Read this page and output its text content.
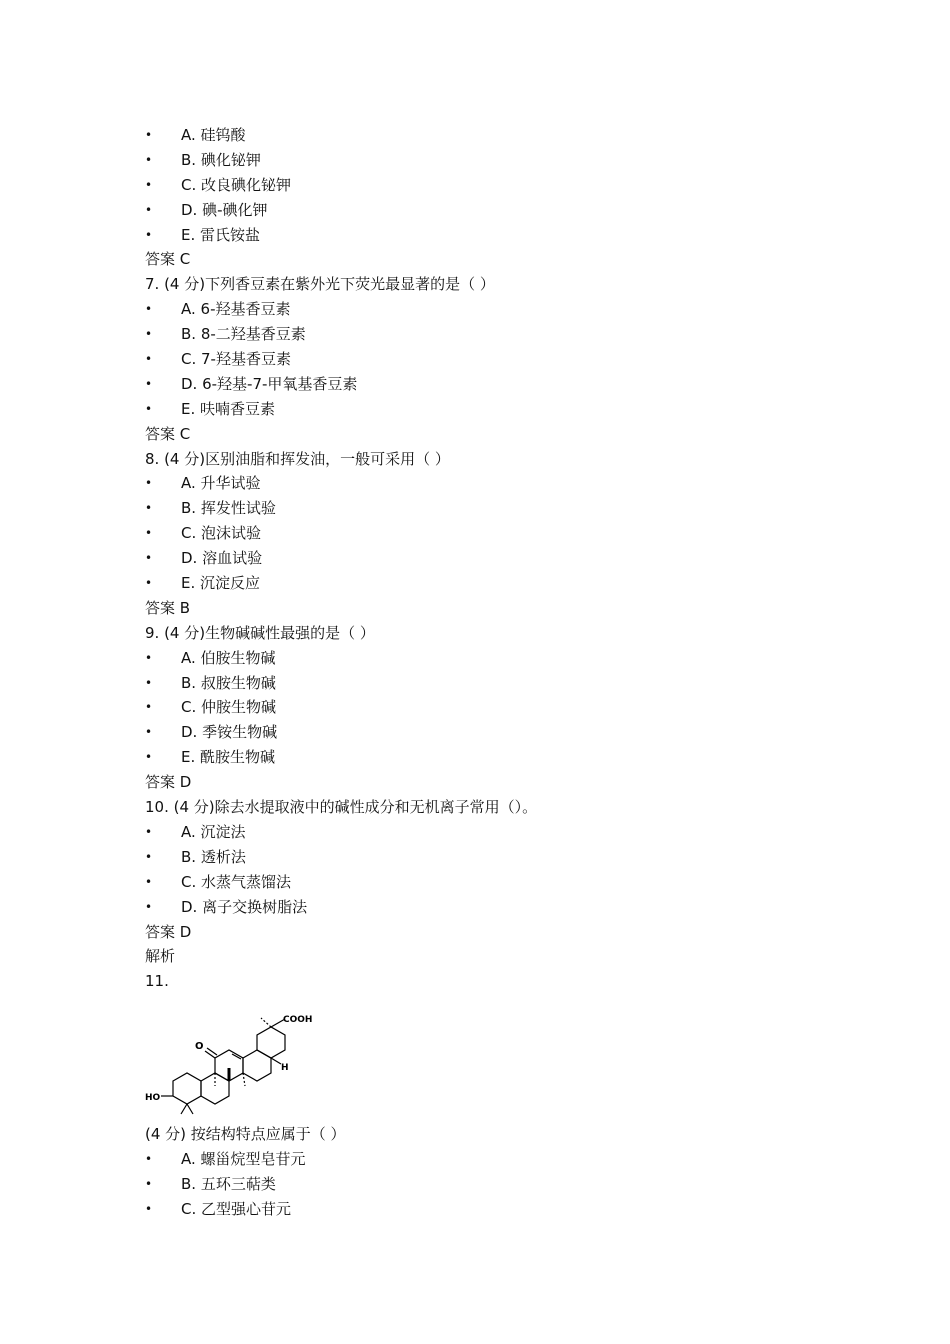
• A. 硅钨酸
• B. 碘化铋钾
• C. 改良碘化铋钾
• D. 碘-碘化钾
• E. 雷氏铵盐
答案 C
7. (4 分)下列香豆素在紫外光下荧光最显著的是（ ）
• A. 6-羟基香豆素
• B. 8-二羟基香豆素
• C. 7-羟基香豆素
• D. 6-羟基-7-甲氧基香豆素
• E. 呋喃香豆素
答案 C
8. (4 分)区别油脂和挥发油，一般可采用（ ）
• A. 升华试验
• B. 挥发性试验
• C. 泡沫试验
• D. 溶血试验
• E. 沉淀反应
答案 B
9. (4 分)生物碱碱性最强的是（ ）
• A. 伯胺生物碱
• B. 叔胺生物碱
• C. 仲胺生物碱
• D. 季铵生物碱
• E. 酰胺生物碱
答案 D
10. (4 分)除去水提取液中的碱性成分和无机离子常用（）。
• A. 沉淀法
• B. 透析法
• C. 水蒸气蒸馏法
• D. 离子交换树脂法
答案 D
解析
11.
COOH
HO
O
H
(4 分) 按结构特点应属于（ ）
• A. 螺甾烷型皂苷元
• B. 五环三萜类
• C. 乙型强心苷元
